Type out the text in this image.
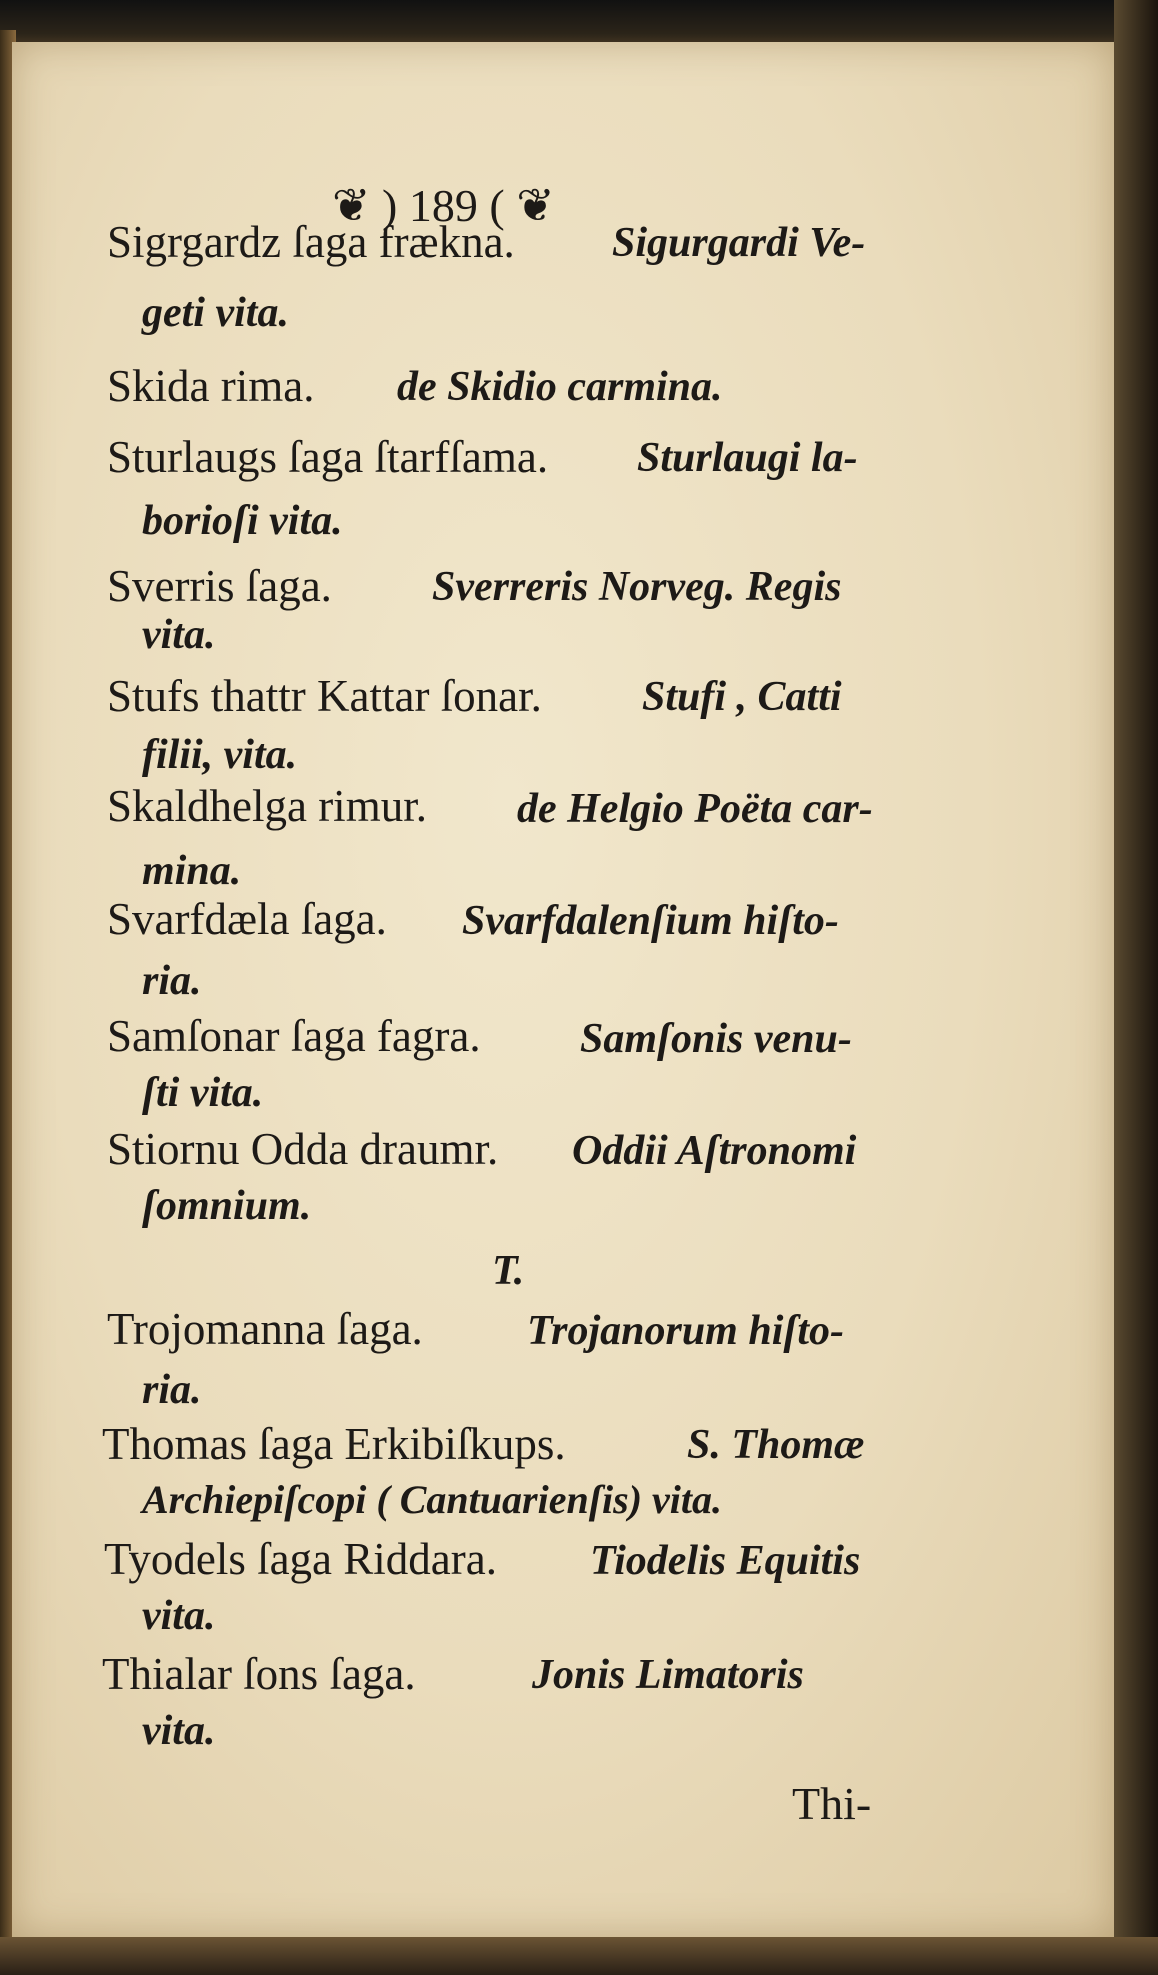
❦ ) 189 ( ❦
Sigrgardz ſaga frækna. Sigurgardi Ve-
geti vita.
Skida rima. de Skidio carmina.
Sturlaugs ſaga ſtarfſama. Sturlaugi la-
borioſi vita.
Sverris ſaga. Sverreris Norveg. Regis
vita.
Stufs thattr Kattar ſonar. Stufi , Catti
filii, vita.
Skaldhelga rimur. de Helgio Poëta car-
mina.
Svarfdæla ſaga. Svarfdalenſium hiſto-
ria.
Samſonar ſaga fagra. Samſonis venu-
ſti vita.
Stiornu Odda draumr. Oddii Aſtronomi
ſomnium.
T.
Trojomanna ſaga. Trojanorum hiſto-
ria.
Thomas ſaga Erkibiſkups.	S. Thomæ
Archiepiſcopi ( Cantuarienſis) vita.
Tyodels ſaga Riddara. Tiodelis Equitis
vita.
Thialar ſons ſaga.	Jonis Limatoris
vita.
Thi-
